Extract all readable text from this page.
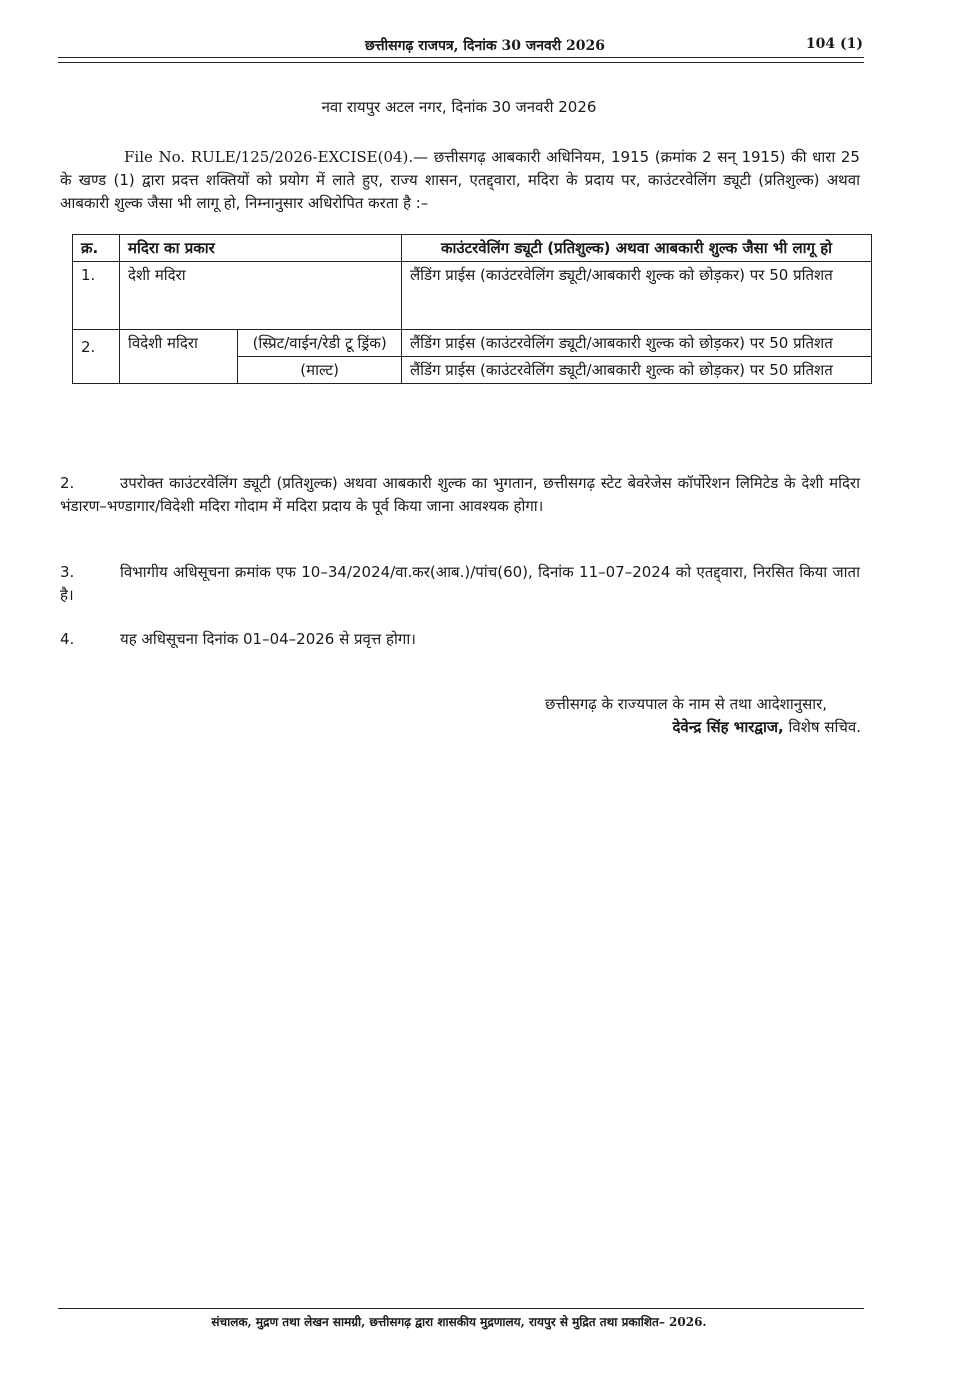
छत्तीसगढ़ राजपत्र, दिनांक 30 जनवरी 2026	104 (1)
नवा रायपुर अटल नगर, दिनांक 30 जनवरी 2026
File No. RULE/125/2026-EXCISE(04).— छत्तीसगढ़ आबकारी अधिनियम, 1915 (क्रमांक 2 सन् 1915) की धारा 25 के खण्ड (1) द्वारा प्रदत्त शक्तियों को प्रयोग में लाते हुए, राज्य शासन, एतद्द्वारा, मदिरा के प्रदाय पर, काउंटरवेलिंग ड्यूटी (प्रतिशुल्क) अथवा आबकारी शुल्क जैसा भी लागू हो, निम्नानुसार अधिरोपित करता है :–
क्र.	मदिरा का प्रकार		काउंटरवेलिंग ड्यूटी (प्रतिशुल्क) अथवा आबकारी शुल्क जैसा भी लागू हो
1.	देशी मदिरा		लैंडिंग प्राईस (काउंटरवेलिंग ड्यूटी/आबकारी शुल्क को छोड़कर) पर 50 प्रतिशत
2.	विदेशी मदिरा	(स्प्रिट/वाईन/रेडी टू ड्रिंक)	लैंडिंग प्राईस (काउंटरवेलिंग ड्यूटी/आबकारी शुल्क को छोड़कर) पर 50 प्रतिशत
		(माल्ट)	लैंडिंग प्राईस (काउंटरवेलिंग ड्यूटी/आबकारी शुल्क को छोड़कर) पर 50 प्रतिशत
2.	उपरोक्त काउंटरवेलिंग ड्यूटी (प्रतिशुल्क) अथवा आबकारी शुल्क का भुगतान, छत्तीसगढ़ स्टेट बेवरेजेस कॉर्पोरेशन लिमिटेड के देशी मदिरा भंडारण–भण्डागार/विदेशी मदिरा गोदाम में मदिरा प्रदाय के पूर्व किया जाना आवश्यक होगा।
3.	विभागीय अधिसूचना क्रमांक एफ 10–34/2024/वा.कर(आब.)/पांच(60), दिनांक 11–07–2024 को एतद्द्वारा, निरसित किया जाता है।
4.	यह अधिसूचना दिनांक 01–04–2026 से प्रवृत्त होगा।
छत्तीसगढ़ के राज्यपाल के नाम से तथा आदेशानुसार,
देवेन्द्र सिंह भारद्वाज, विशेष सचिव.
संचालक, मुद्रण तथा लेखन सामग्री, छत्तीसगढ़ द्वारा शासकीय मुद्रणालय, रायपुर से मुद्रित तथा प्रकाशित– 2026.
